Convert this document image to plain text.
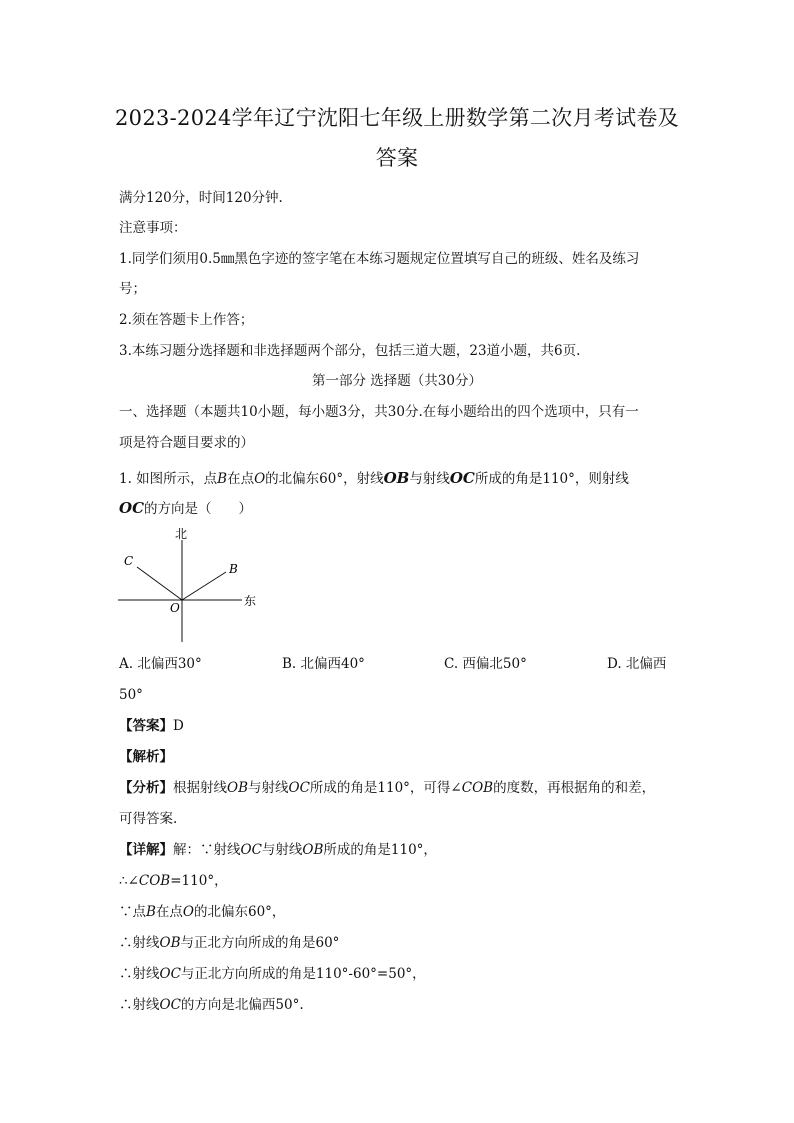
2023-2024学年辽宁沈阳七年级上册数学第二次月考试卷及
答案
满分120分，时间120分钟.
注意事项：
1.同学们须用0.5㎜黑色字迹的签字笔在本练习题规定位置填写自己的班级、姓名及练习
号；
2.须在答题卡上作答；
3.本练习题分选择题和非选择题两个部分，包括三道大题，23道小题，共6页.
第一部分 选择题（共30分）
一、选择题（本题共10小题，每小题3分，共30分.在每小题给出的四个选项中，只有一
项是符合题目要求的）
1. 如图所示，点B在点O的北偏东60°，射线OB与射线OC所成的角是110°，则射线
OC的方向是（　　）
北
东
C
B
O
A. 北偏西30°	B. 北偏西40°	C. 西偏北50°	D. 北偏西
50°
【答案】D
【解析】
【分析】根据射线OB与射线OC所成的角是110°，可得∠COB的度数，再根据角的和差，
可得答案.
【详解】解：∵射线OC与射线OB所成的角是110°，
∴∠COB=110°，
∵点B在点O的北偏东60°，
∴射线OB与正北方向所成的角是60°
∴射线OC与正北方向所成的角是110°-60°=50°，
∴射线OC的方向是北偏西50°.
